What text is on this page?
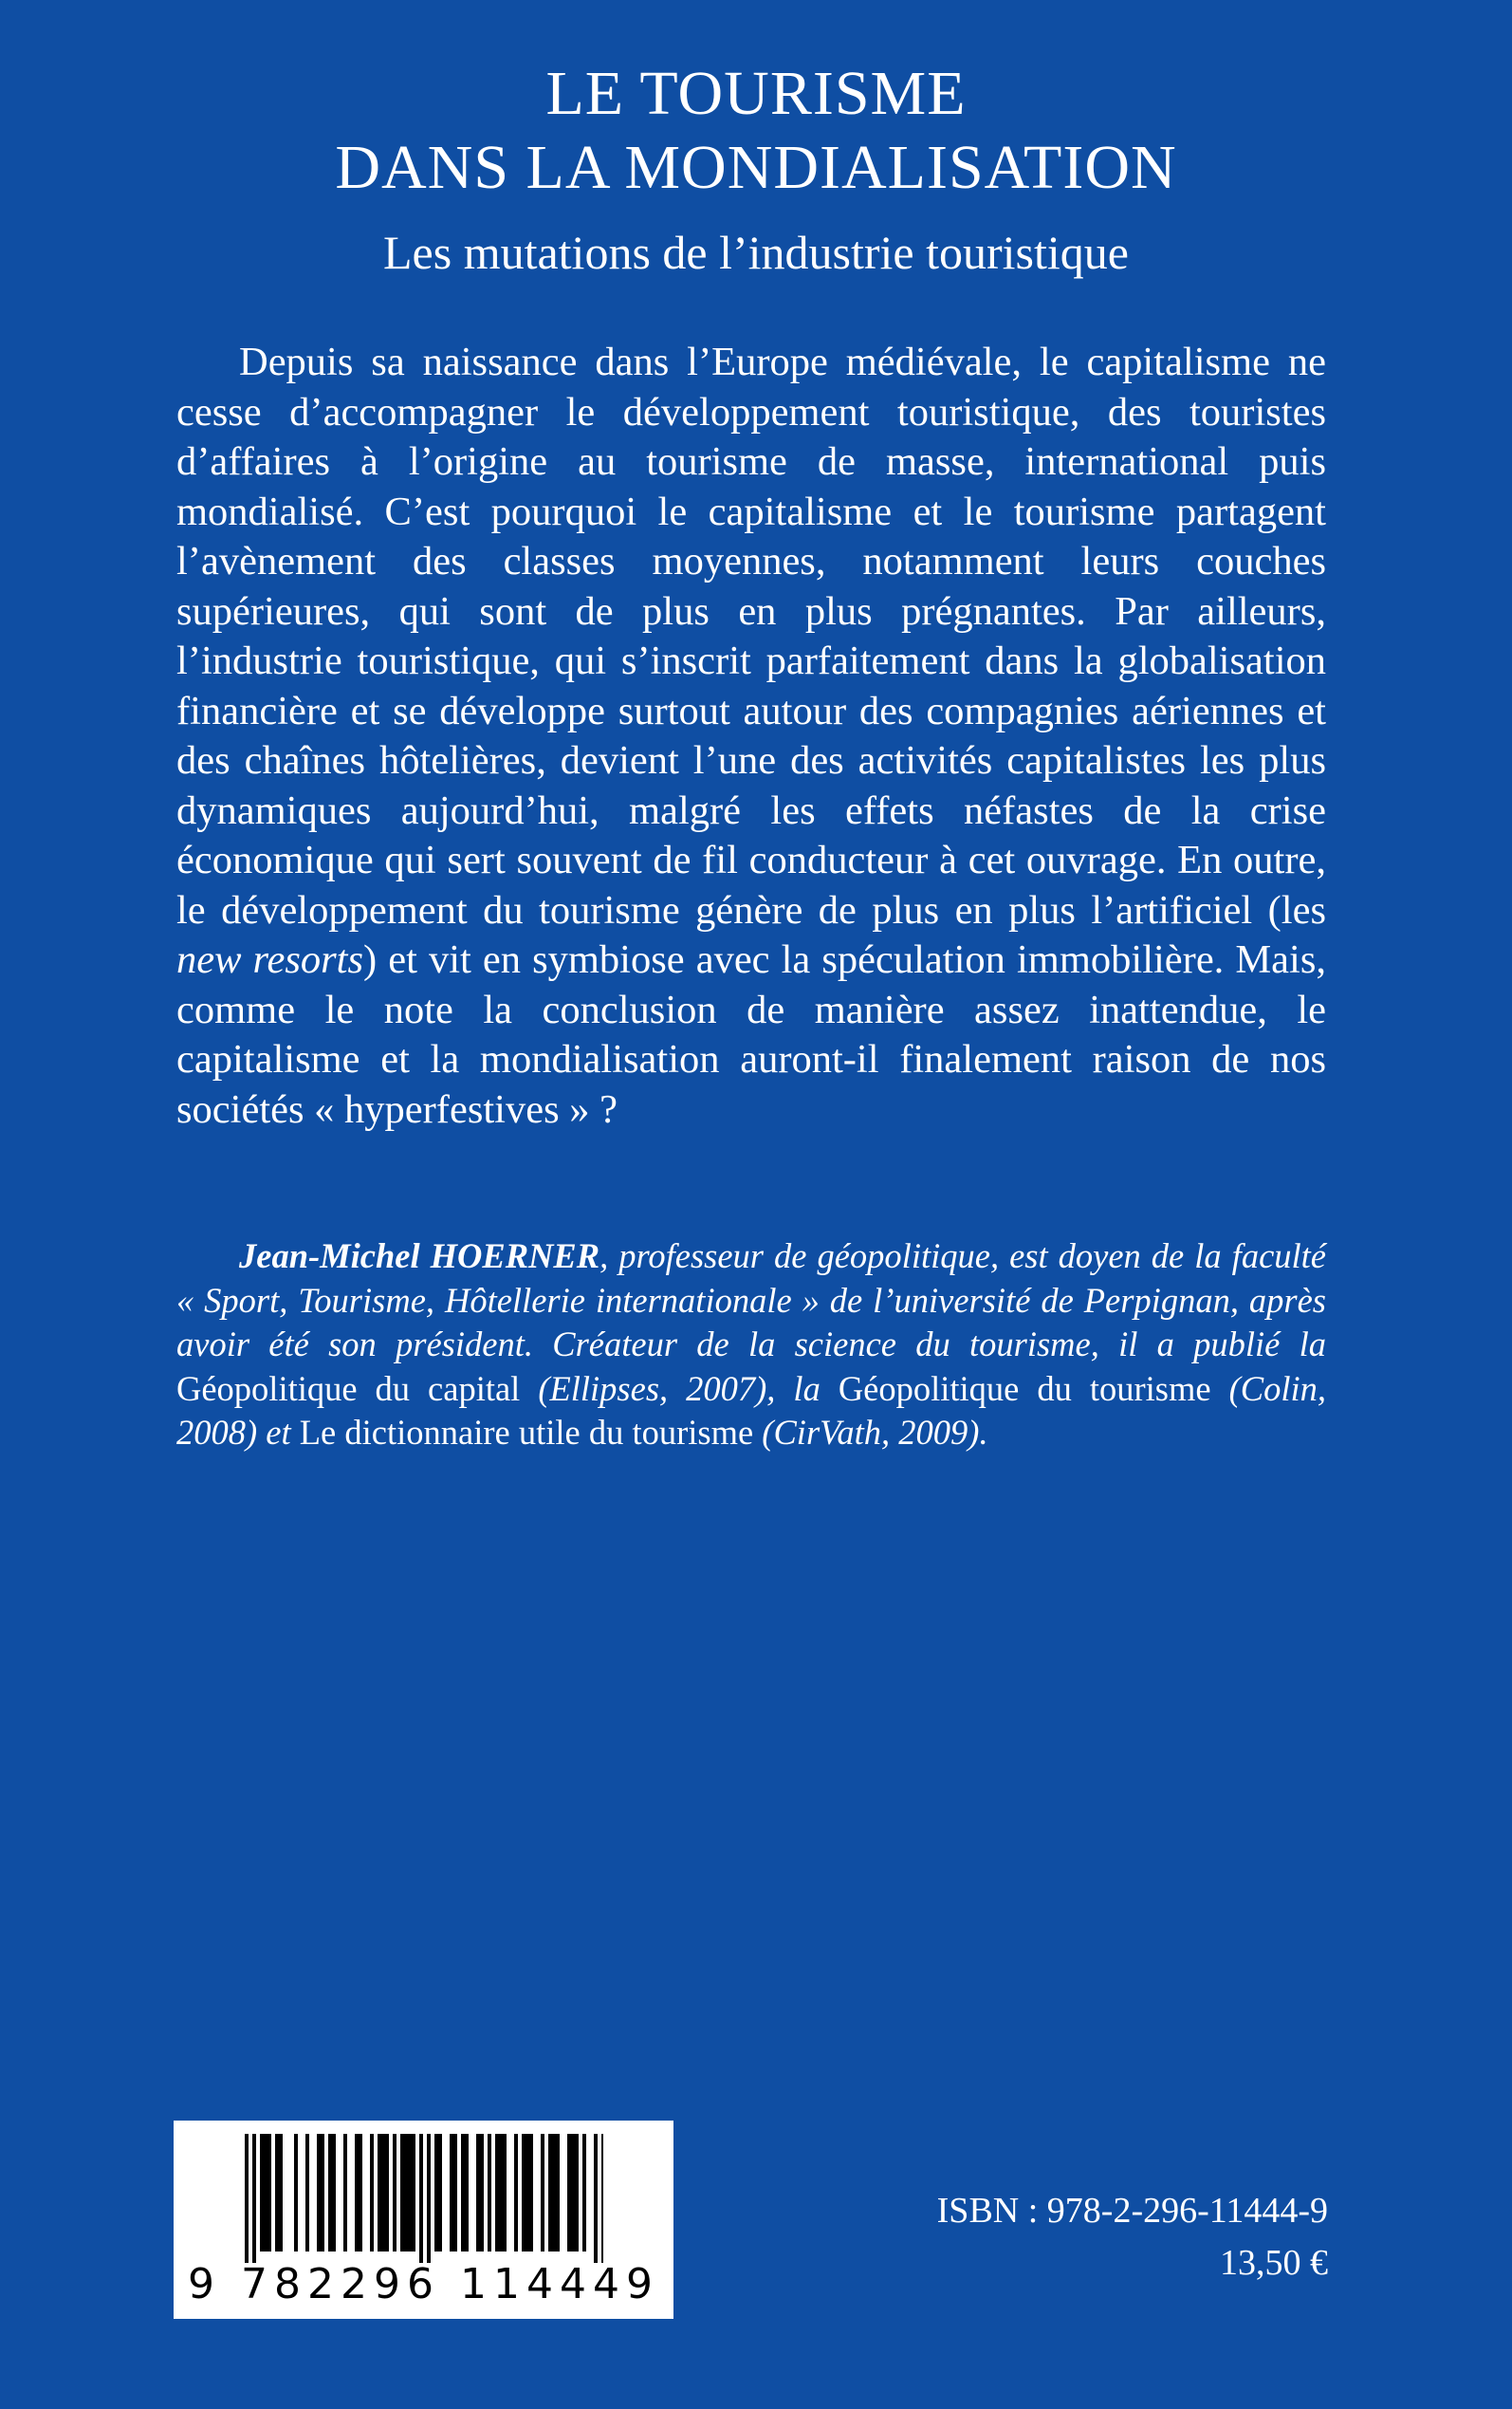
LE TOURISME
DANS LA MONDIALISATION
Les mutations de l’industrie touristique

Depuis sa naissance dans l’Europe médiévale, le capitalisme ne cesse d’accompagner le développement touristique, des touristes d’affaires à l’origine au tourisme de masse, international puis mondialisé. C’est pourquoi le capitalisme et le tourisme partagent l’avènement des classes moyennes, notamment leurs couches supérieures, qui sont de plus en plus prégnantes. Par ailleurs, l’industrie touristique, qui s’inscrit parfaitement dans la globalisation financière et se développe surtout autour des compagnies aériennes et des chaînes hôtelières, devient l’une des activités capitalistes les plus dynamiques aujourd’hui, malgré les effets néfastes de la crise économique qui sert souvent de fil conducteur à cet ouvrage. En outre, le développement du tourisme génère de plus en plus l’artificiel (les new resorts) et vit en symbiose avec la spéculation immobilière. Mais, comme le note la conclusion de manière assez inattendue, le capitalisme et la mondialisation auront-il finalement raison de nos sociétés « hyperfestives » ?

Jean-Michel HOERNER, professeur de géopolitique, est doyen de la faculté « Sport, Tourisme, Hôtellerie internationale » de l’université de Perpignan, après avoir été son président. Créateur de la science du tourisme, il a publié la Géopolitique du capital (Ellipses, 2007), la Géopolitique du tourisme (Colin, 2008) et Le dictionnaire utile du tourisme (CirVath, 2009).

9 782296 114449
ISBN : 978-2-296-11444-9
13,50 €
